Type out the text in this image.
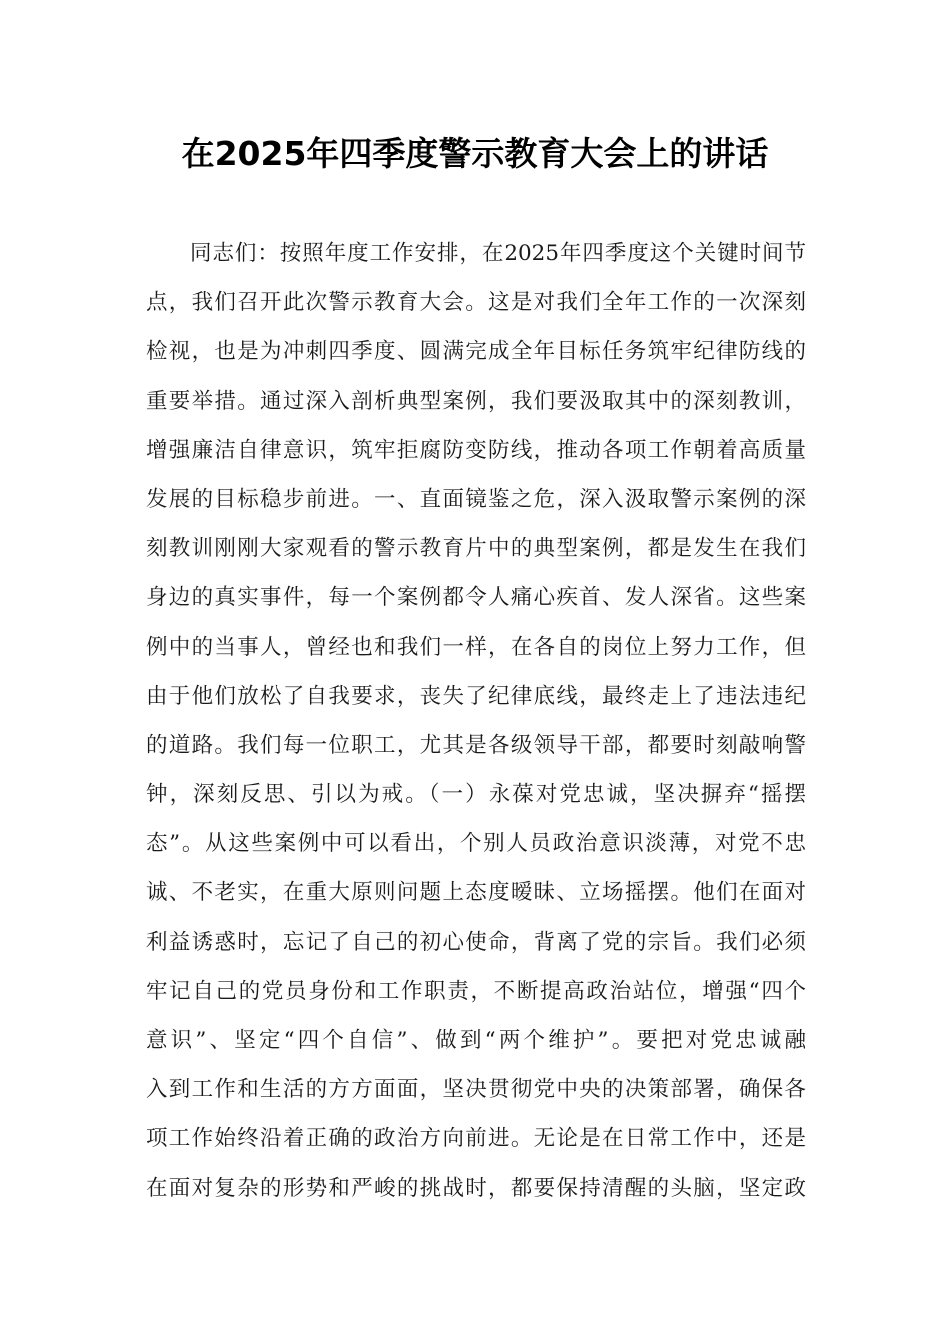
在2025年四季度警示教育大会上的讲话
同志们：按照年度工作安排，在2025年四季度这个关键时间节
点，我们召开此次警示教育大会。这是对我们全年工作的一次深刻
检视，也是为冲刺四季度、圆满完成全年目标任务筑牢纪律防线的
重要举措。通过深入剖析典型案例，我们要汲取其中的深刻教训，
增强廉洁自律意识，筑牢拒腐防变防线，推动各项工作朝着高质量
发展的目标稳步前进。一、直面镜鉴之危，深入汲取警示案例的深
刻教训刚刚大家观看的警示教育片中的典型案例，都是发生在我们
身边的真实事件，每一个案例都令人痛心疾首、发人深省。这些案
例中的当事人，曾经也和我们一样，在各自的岗位上努力工作，但
由于他们放松了自我要求，丧失了纪律底线，最终走上了违法违纪
的道路。我们每一位职工，尤其是各级领导干部，都要时刻敲响警
钟，深刻反思、引以为戒。（一）永葆对党忠诚，坚决摒弃“摇摆
态”。从这些案例中可以看出，个别人员政治意识淡薄，对党不忠
诚、不老实，在重大原则问题上态度暧昧、立场摇摆。他们在面对
利益诱惑时，忘记了自己的初心使命，背离了党的宗旨。我们必须
牢记自己的党员身份和工作职责，不断提高政治站位，增强“四个
意识”、坚定“四个自信”、做到“两个维护”。要把对党忠诚融
入到工作和生活的方方面面，坚决贯彻党中央的决策部署，确保各
项工作始终沿着正确的政治方向前进。无论是在日常工作中，还是
在面对复杂的形势和严峻的挑战时，都要保持清醒的头脑，坚定政
